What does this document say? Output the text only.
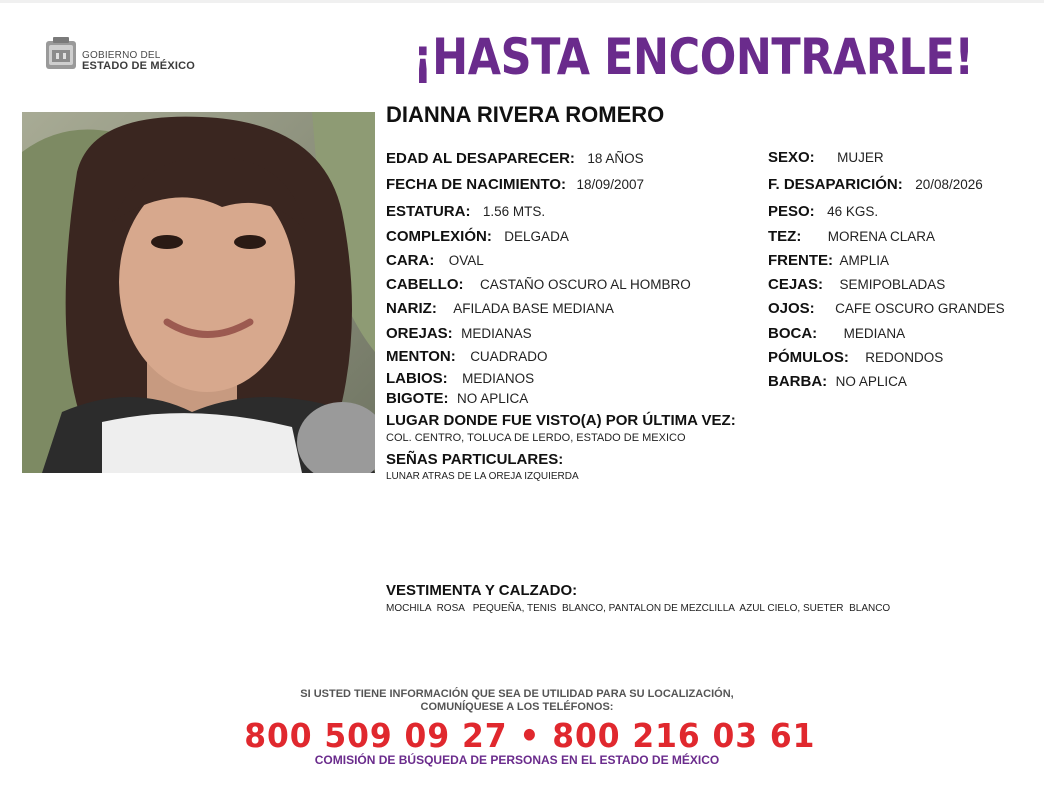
GOBIERNO DEL
ESTADO DE MÉXICO	¡HASTA ENCONTRARLE!
DIANNA RIVERA ROMERO
EDAD AL DESAPARECER: 18 AÑOS
FECHA DE NACIMIENTO: 18/09/2007
ESTATURA: 1.56 MTS.
COMPLEXIÓN: DELGADA
CARA: OVAL
CABELLO: CASTAÑO OSCURO AL HOMBRO
NARIZ: AFILADA BASE MEDIANA
OREJAS: MEDIANAS
MENTON: CUADRADO
LABIOS: MEDIANOS
BIGOTE: NO APLICA
SEXO: MUJER
F. DESAPARICIÓN: 20/08/2026
PESO: 46 KGS.
TEZ: MORENA CLARA
FRENTE: AMPLIA
CEJAS: SEMIPOBLADAS
OJOS: CAFE OSCURO GRANDES
BOCA: MEDIANA
PÓMULOS: REDONDOS
BARBA: NO APLICA
LUGAR DONDE FUE VISTO(A) POR ÚLTIMA VEZ:
COL. CENTRO, TOLUCA DE LERDO, ESTADO DE MEXICO
SEÑAS PARTICULARES:
LUNAR ATRAS DE LA OREJA IZQUIERDA
VESTIMENTA Y CALZADO:
MOCHILA  ROSA   PEQUEÑA, TENIS  BLANCO, PANTALON DE MEZCLILLA  AZUL CIELO, SUETER  BLANCO
SI USTED TIENE INFORMACIÓN QUE SEA DE UTILIDAD PARA SU LOCALIZACIÓN,
COMUNÍQUESE A LOS TELÉFONOS:
800 509 09 27 • 800 216 03 61
COMISIÓN DE BÚSQUEDA DE PERSONAS EN EL ESTADO DE MÉXICO
